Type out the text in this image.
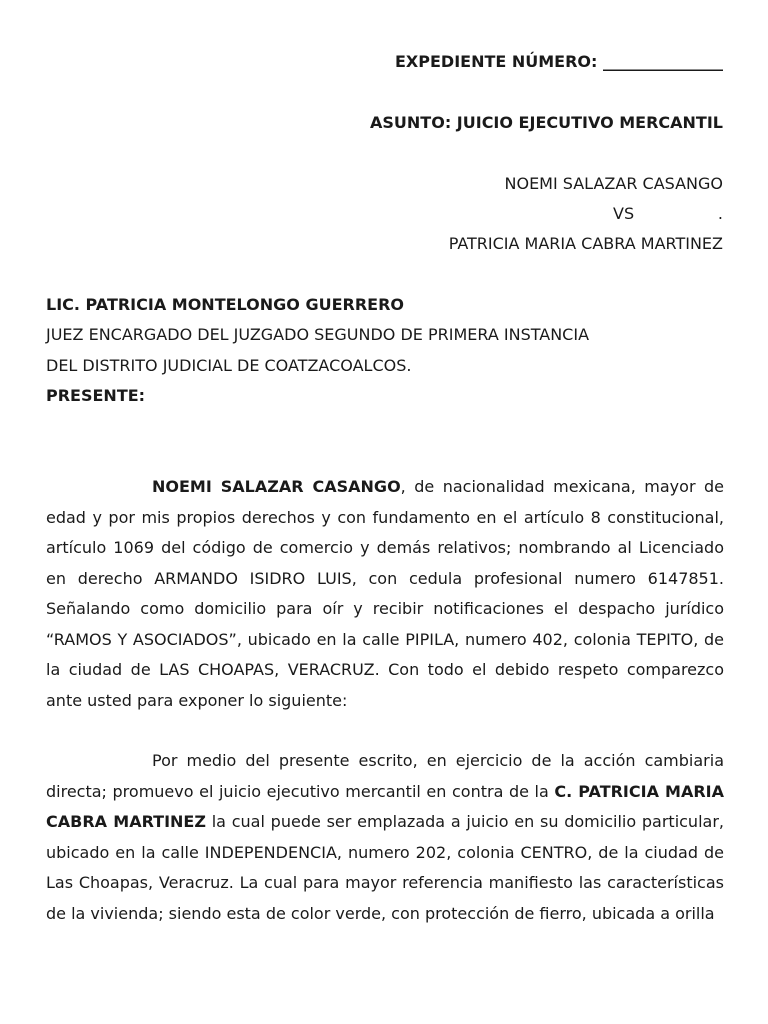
EXPEDIENTE NÚMERO: _______________
ASUNTO: JUICIO EJECUTIVO MERCANTIL
NOEMI SALAZAR CASANGO
VS	.
PATRICIA MARIA CABRA MARTINEZ
LIC. PATRICIA MONTELONGO GUERRERO
JUEZ ENCARGADO DEL JUZGADO SEGUNDO DE PRIMERA INSTANCIA
DEL DISTRITO JUDICIAL DE COATZACOALCOS.
PRESENTE:
NOEMI SALAZAR CASANGO, de nacionalidad mexicana, mayor de edad y por mis propios derechos y con fundamento en el artículo 8 constitucional, artículo 1069 del código de comercio y demás relativos; nombrando al Licenciado en derecho ARMANDO ISIDRO LUIS, con cedula profesional numero 6147851. Señalando como domicilio para oír y recibir notificaciones el despacho jurídico “RAMOS Y ASOCIADOS”, ubicado en la calle PIPILA, numero 402, colonia TEPITO, de la ciudad de LAS CHOAPAS, VERACRUZ. Con todo el debido respeto comparezco ante usted para exponer lo siguiente:
Por medio del presente escrito, en ejercicio de la acción cambiaria directa; promuevo el juicio ejecutivo mercantil en contra de la C. PATRICIA MARIA CABRA MARTINEZ la cual puede ser emplazada a juicio en su domicilio particular, ubicado en la calle INDEPENDENCIA, numero 202, colonia CENTRO, de la ciudad de Las Choapas, Veracruz. La cual para mayor referencia manifiesto las características de la vivienda; siendo esta de color verde, con protección de fierro, ubicada a orilla
